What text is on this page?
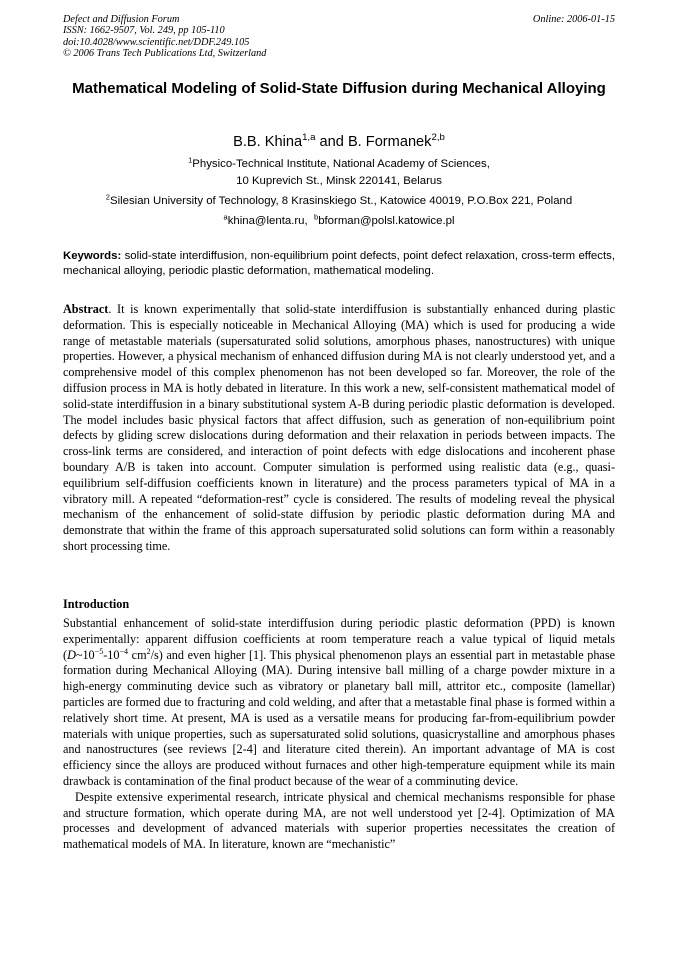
Defect and Diffusion Forum
ISSN: 1662-9507, Vol. 249, pp 105-110
doi:10.4028/www.scientific.net/DDF.249.105
© 2006 Trans Tech Publications Ltd, Switzerland
Online: 2006-01-15
Mathematical Modeling of Solid-State Diffusion during Mechanical Alloying
B.B. Khina$^{1,a}$ and B. Formanek$^{2,b}$
$^1$Physico-Technical Institute, National Academy of Sciences,
10 Kuprevich St., Minsk 220141, Belarus
$^2$Silesian University of Technology, 8 Krasinskiego St., Katowice 40019, P.O.Box 221, Poland
$^a$khina@lenta.ru, $^b$bforman@polsl.katowice.pl
Keywords: solid-state interdiffusion, non-equilibrium point defects, point defect relaxation, cross-term effects, mechanical alloying, periodic plastic deformation, mathematical modeling.
Abstract. It is known experimentally that solid-state interdiffusion is substantially enhanced during plastic deformation. This is especially noticeable in Mechanical Alloying (MA) which is used for producing a wide range of metastable materials (supersaturated solid solutions, amorphous phases, nanostructures) with unique properties. However, a physical mechanism of enhanced diffusion during MA is not clearly understood yet, and a comprehensive model of this complex phenomenon has not been developed so far. Moreover, the role of the diffusion process in MA is hotly debated in literature. In this work a new, self-consistent mathematical model of solid-state interdiffusion in a binary substitutional system A-B during periodic plastic deformation is developed. The model includes basic physical factors that affect diffusion, such as generation of non-equilibrium point defects by gliding screw dislocations during deformation and their relaxation in periods between impacts. The cross-link terms are considered, and interaction of point defects with edge dislocations and incoherent phase boundary A/B is taken into account. Computer simulation is performed using realistic data (e.g., quasi-equilibrium self-diffusion coefficients known in literature) and the process parameters typical of MA in a vibratory mill. A repeated “deformation-rest” cycle is considered. The results of modeling reveal the physical mechanism of the enhancement of solid-state diffusion by periodic plastic deformation during MA and demonstrate that within the frame of this approach supersaturated solid solutions can form within a reasonably short processing time.
Introduction

Substantial enhancement of solid-state interdiffusion during periodic plastic deformation (PPD) is known experimentally: apparent diffusion coefficients at room temperature reach a value typical of liquid metals ($D\sim 10^{-5}-10^{-4}$ $cm^2/s$) and even higher [1]. This physical phenomenon plays an essential part in metastable phase formation during Mechanical Alloying (MA). During intensive ball milling of a charge powder mixture in a high-energy comminuting device such as vibratory or planetary ball mill, attritor etc., composite (lamellar) particles are formed due to fracturing and cold welding, and after that a metastable final phase is formed within a relatively short time. At present, MA is used as a versatile means for producing far-from-equilibrium powder materials with unique properties, such as supersaturated solid solutions, quasicrystalline and amorphous phases and nanostructures (see reviews [2-4] and literature cited therein). An important advantage of MA is cost efficiency since the alloys are produced without furnaces and other high-temperature equipment while its main drawback is contamination of the final product because of the wear of a comminuting device.

Despite extensive experimental research, intricate physical and chemical mechanisms responsible for phase and structure formation, which operate during MA, are not well understood yet [2-4]. Optimization of MA processes and development of advanced materials with superior properties necessitates the creation of mathematical models of MA. In literature, known are “mechanistic”
